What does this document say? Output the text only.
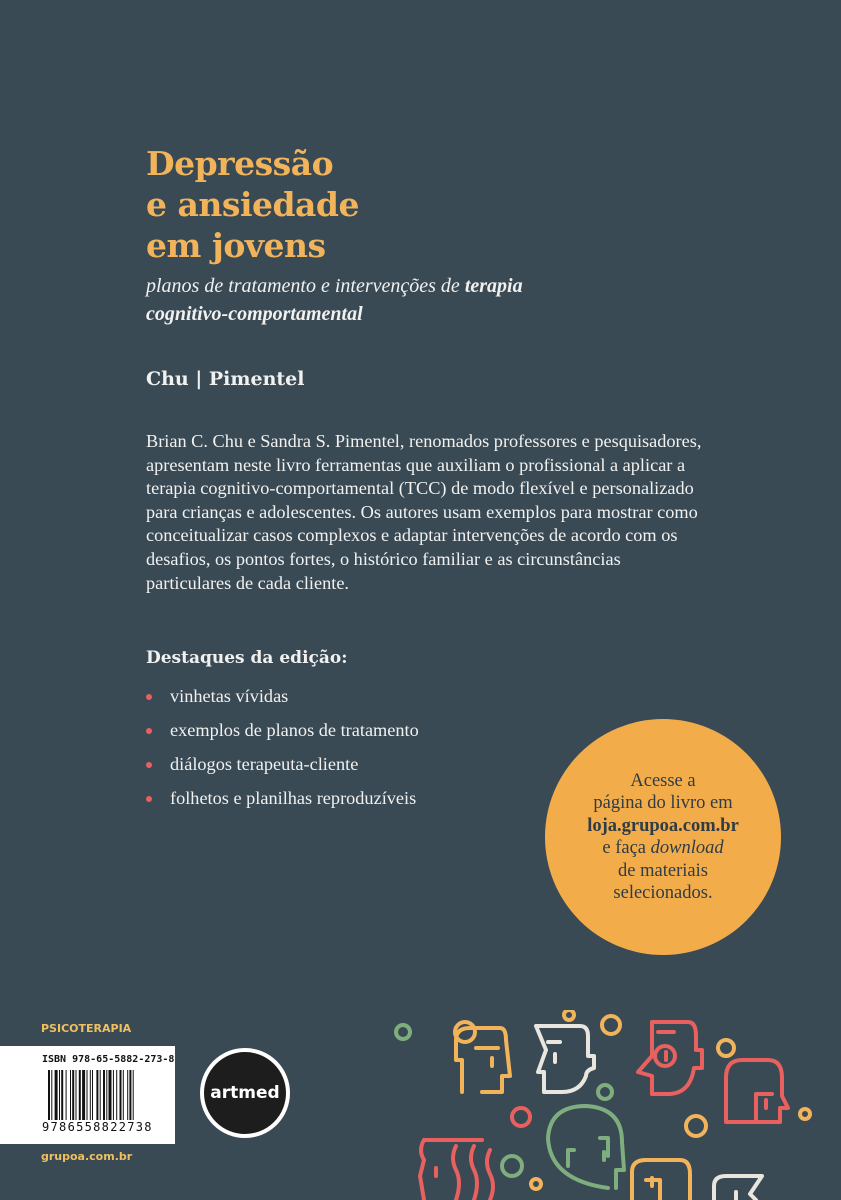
Depressão
e ansiedade
em jovens
planos de tratamento e intervenções de terapia cognitivo-comportamental
Chu | Pimentel

Brian C. Chu e Sandra S. Pimentel, renomados professores e pesquisadores, apresentam neste livro ferramentas que auxiliam o profissional a aplicar a terapia cognitivo-comportamental (TCC) de modo flexível e personalizado para crianças e adolescentes. Os autores usam exemplos para mostrar como conceitualizar casos complexos e adaptar intervenções de acordo com os desafios, os pontos fortes, o histórico familiar e as circunstâncias particulares de cada cliente.

Destaques da edição:
vinhetas vívidas
exemplos de planos de tratamento
diálogos terapeuta-cliente
folhetos e planilhas reproduzíveis
Acesse a
página do livro em
loja.grupoa.com.br
e faça download
de materiais
selecionados.
PSICOTERAPIA
ISBN 978-65-5882-273-8
9786558822738
grupoa.com.br
artmed
